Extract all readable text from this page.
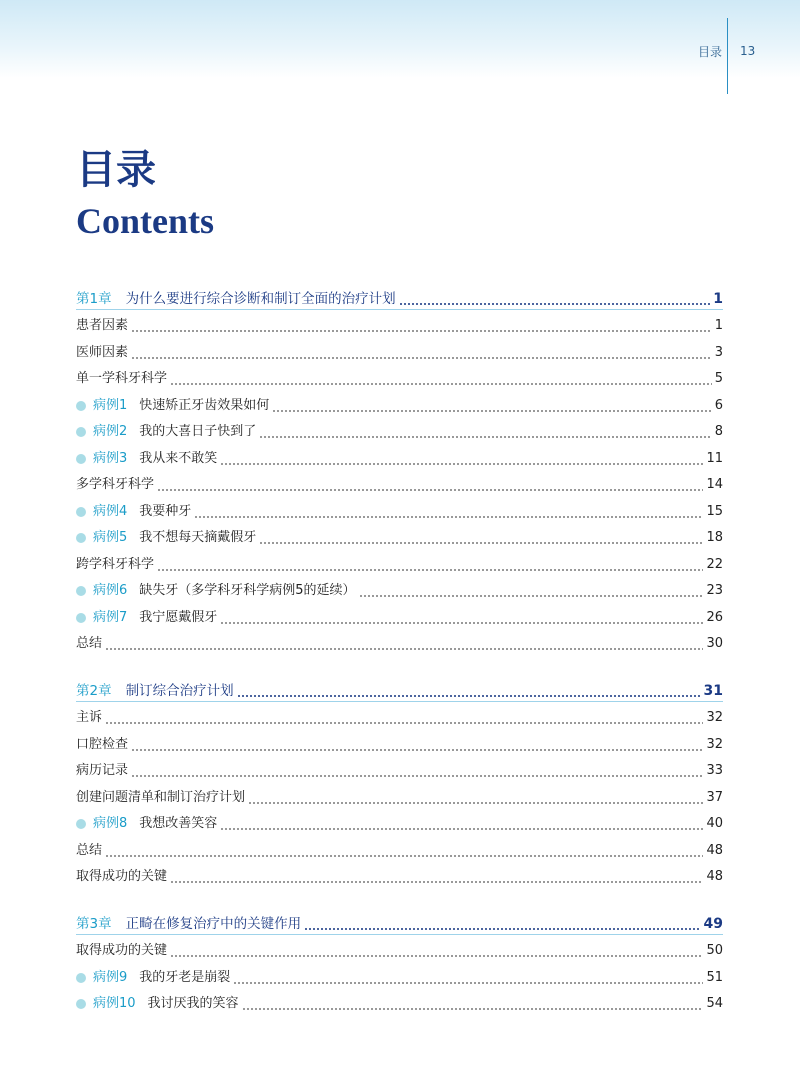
目录 13
目录
Contents
第1章 为什么要进行综合诊断和制订全面的治疗计划	1
患者因素	1
医师因素	3
单一学科牙科学	5
病例1 快速矫正牙齿效果如何	6
病例2 我的大喜日子快到了	8
病例3 我从来不敢笑	11
多学科牙科学	14
病例4 我要种牙	15
病例5 我不想每天摘戴假牙	18
跨学科牙科学	22
病例6 缺失牙（多学科牙科学病例5的延续）	23
病例7 我宁愿戴假牙	26
总结	30
第2章 制订综合治疗计划	31
主诉	32
口腔检查	32
病历记录	33
创建问题清单和制订治疗计划	37
病例8 我想改善笑容	40
总结	48
取得成功的关键	48
第3章 正畸在修复治疗中的关键作用	49
取得成功的关键	50
病例9 我的牙老是崩裂	51
病例10 我讨厌我的笑容	54
